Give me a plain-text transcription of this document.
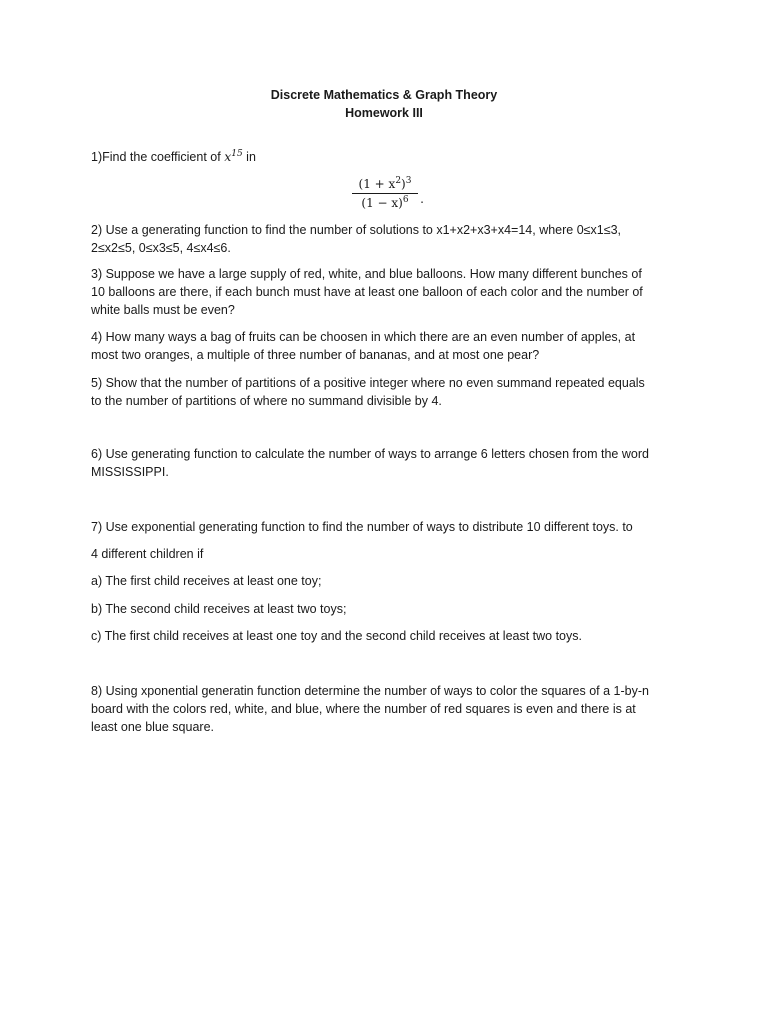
Discrete Mathematics & Graph Theory
Homework III
1)Find the coefficient of $x^{15}$ in
$(1 + x^2)^3$
$(1 - x)^6$ .
2) Use a generating function to find the number of solutions to x1+x2+x3+x4=14, where 0≤x1≤3,
2≤x2≤5, 0≤x3≤5, 4≤x4≤6.
3) Suppose we have a large supply of red, white, and blue balloons. How many different bunches of
10 balloons are there, if each bunch must have at least one balloon of each color and the number of
white balls must be even?
4) How many ways a bag of fruits can be choosen in which there are an even number of apples, at
most two oranges, a multiple of three number of bananas, and at most one pear?
5) Show that the number of partitions of a positive integer where no even summand repeated equals
to the number of partitions of where no summand divisible by 4.
6) Use generating function to calculate the number of ways to arrange 6 letters chosen from the word
MISSISSIPPI.
7) Use exponential generating function to find the number of ways to distribute 10 different toys. to
4 different children if
a) The first child receives at least one toy;
b) The second child receives at least two toys;
c) The first child receives at least one toy and the second child receives at least two toys.
8) Using xponential generatin function determine the number of ways to color the squares of a 1-by-n
board with the colors red, white, and blue, where the number of red squares is even and there is at
least one blue square.
